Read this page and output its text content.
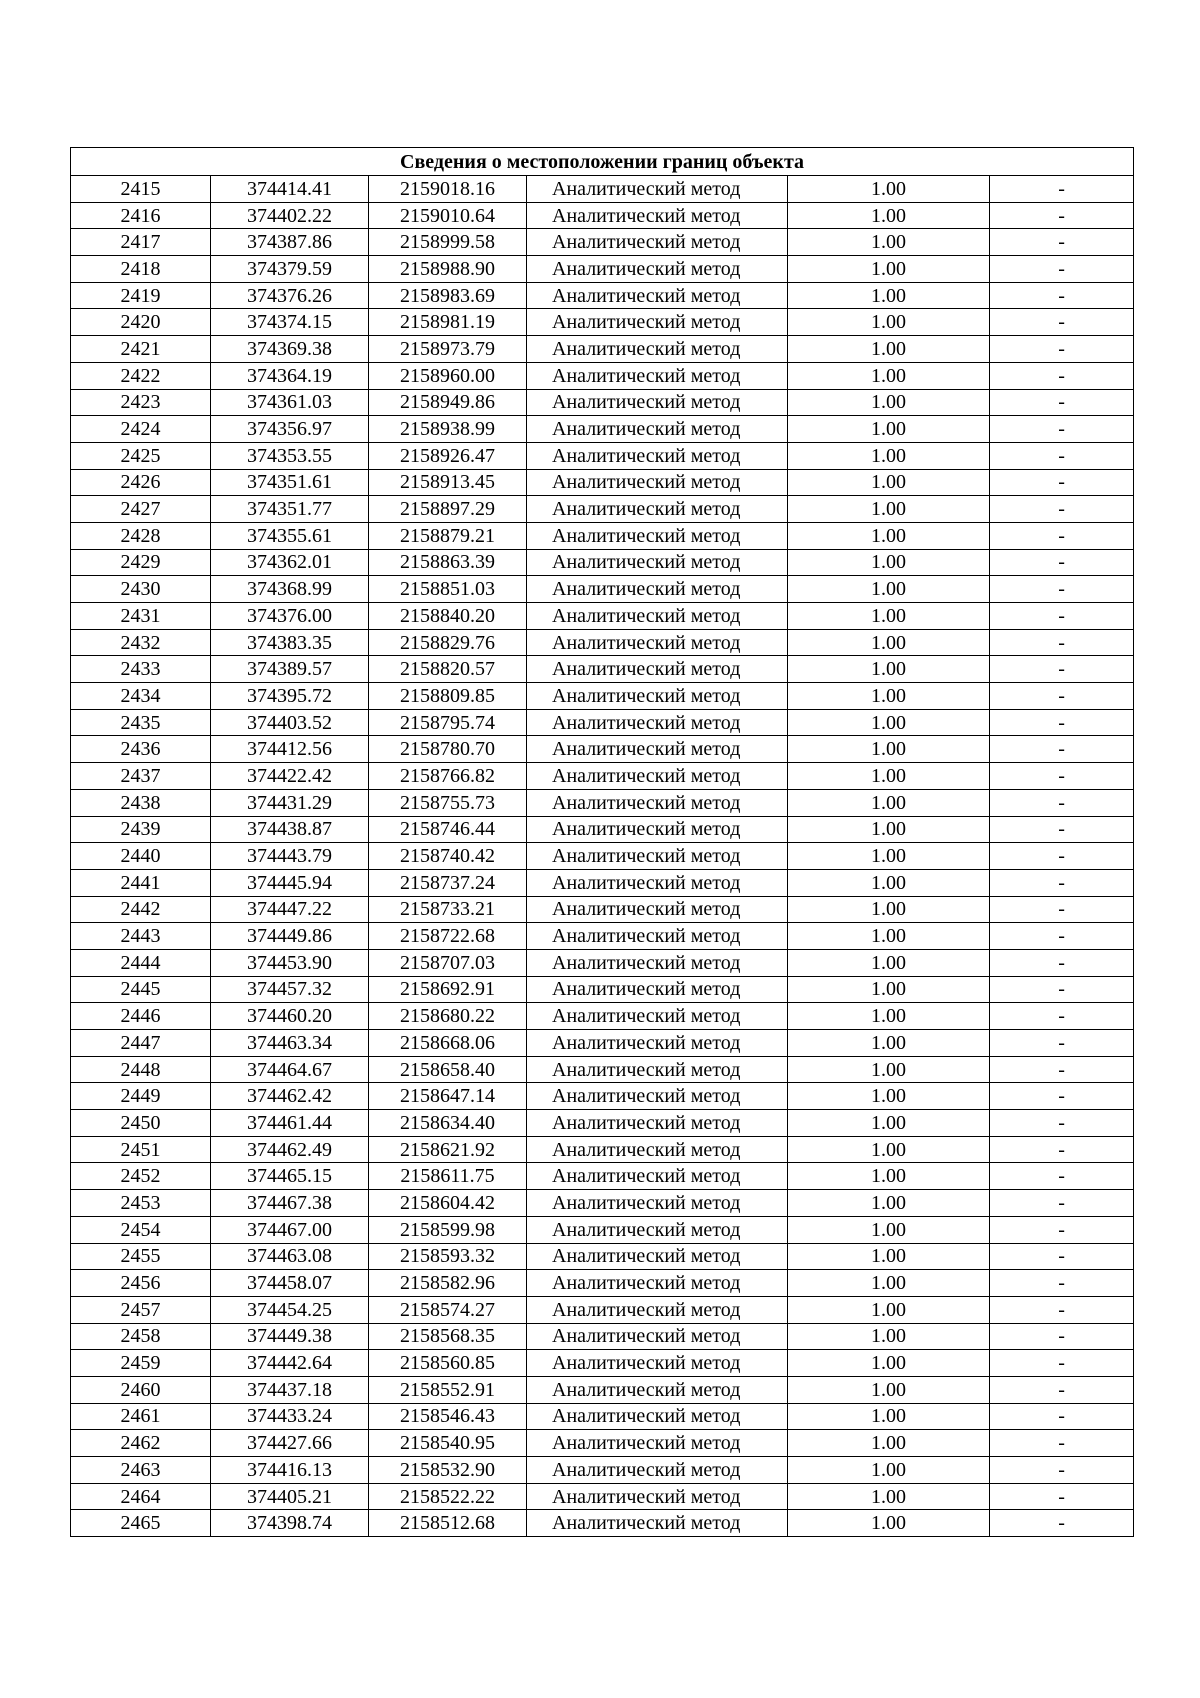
Сведения о местоположении границ объекта					
2415	374414.41	2159018.16	Аналитический метод	1.00	-
2416	374402.22	2159010.64	Аналитический метод	1.00	-
2417	374387.86	2158999.58	Аналитический метод	1.00	-
2418	374379.59	2158988.90	Аналитический метод	1.00	-
2419	374376.26	2158983.69	Аналитический метод	1.00	-
2420	374374.15	2158981.19	Аналитический метод	1.00	-
2421	374369.38	2158973.79	Аналитический метод	1.00	-
2422	374364.19	2158960.00	Аналитический метод	1.00	-
2423	374361.03	2158949.86	Аналитический метод	1.00	-
2424	374356.97	2158938.99	Аналитический метод	1.00	-
2425	374353.55	2158926.47	Аналитический метод	1.00	-
2426	374351.61	2158913.45	Аналитический метод	1.00	-
2427	374351.77	2158897.29	Аналитический метод	1.00	-
2428	374355.61	2158879.21	Аналитический метод	1.00	-
2429	374362.01	2158863.39	Аналитический метод	1.00	-
2430	374368.99	2158851.03	Аналитический метод	1.00	-
2431	374376.00	2158840.20	Аналитический метод	1.00	-
2432	374383.35	2158829.76	Аналитический метод	1.00	-
2433	374389.57	2158820.57	Аналитический метод	1.00	-
2434	374395.72	2158809.85	Аналитический метод	1.00	-
2435	374403.52	2158795.74	Аналитический метод	1.00	-
2436	374412.56	2158780.70	Аналитический метод	1.00	-
2437	374422.42	2158766.82	Аналитический метод	1.00	-
2438	374431.29	2158755.73	Аналитический метод	1.00	-
2439	374438.87	2158746.44	Аналитический метод	1.00	-
2440	374443.79	2158740.42	Аналитический метод	1.00	-
2441	374445.94	2158737.24	Аналитический метод	1.00	-
2442	374447.22	2158733.21	Аналитический метод	1.00	-
2443	374449.86	2158722.68	Аналитический метод	1.00	-
2444	374453.90	2158707.03	Аналитический метод	1.00	-
2445	374457.32	2158692.91	Аналитический метод	1.00	-
2446	374460.20	2158680.22	Аналитический метод	1.00	-
2447	374463.34	2158668.06	Аналитический метод	1.00	-
2448	374464.67	2158658.40	Аналитический метод	1.00	-
2449	374462.42	2158647.14	Аналитический метод	1.00	-
2450	374461.44	2158634.40	Аналитический метод	1.00	-
2451	374462.49	2158621.92	Аналитический метод	1.00	-
2452	374465.15	2158611.75	Аналитический метод	1.00	-
2453	374467.38	2158604.42	Аналитический метод	1.00	-
2454	374467.00	2158599.98	Аналитический метод	1.00	-
2455	374463.08	2158593.32	Аналитический метод	1.00	-
2456	374458.07	2158582.96	Аналитический метод	1.00	-
2457	374454.25	2158574.27	Аналитический метод	1.00	-
2458	374449.38	2158568.35	Аналитический метод	1.00	-
2459	374442.64	2158560.85	Аналитический метод	1.00	-
2460	374437.18	2158552.91	Аналитический метод	1.00	-
2461	374433.24	2158546.43	Аналитический метод	1.00	-
2462	374427.66	2158540.95	Аналитический метод	1.00	-
2463	374416.13	2158532.90	Аналитический метод	1.00	-
2464	374405.21	2158522.22	Аналитический метод	1.00	-
2465	374398.74	2158512.68	Аналитический метод	1.00	-
